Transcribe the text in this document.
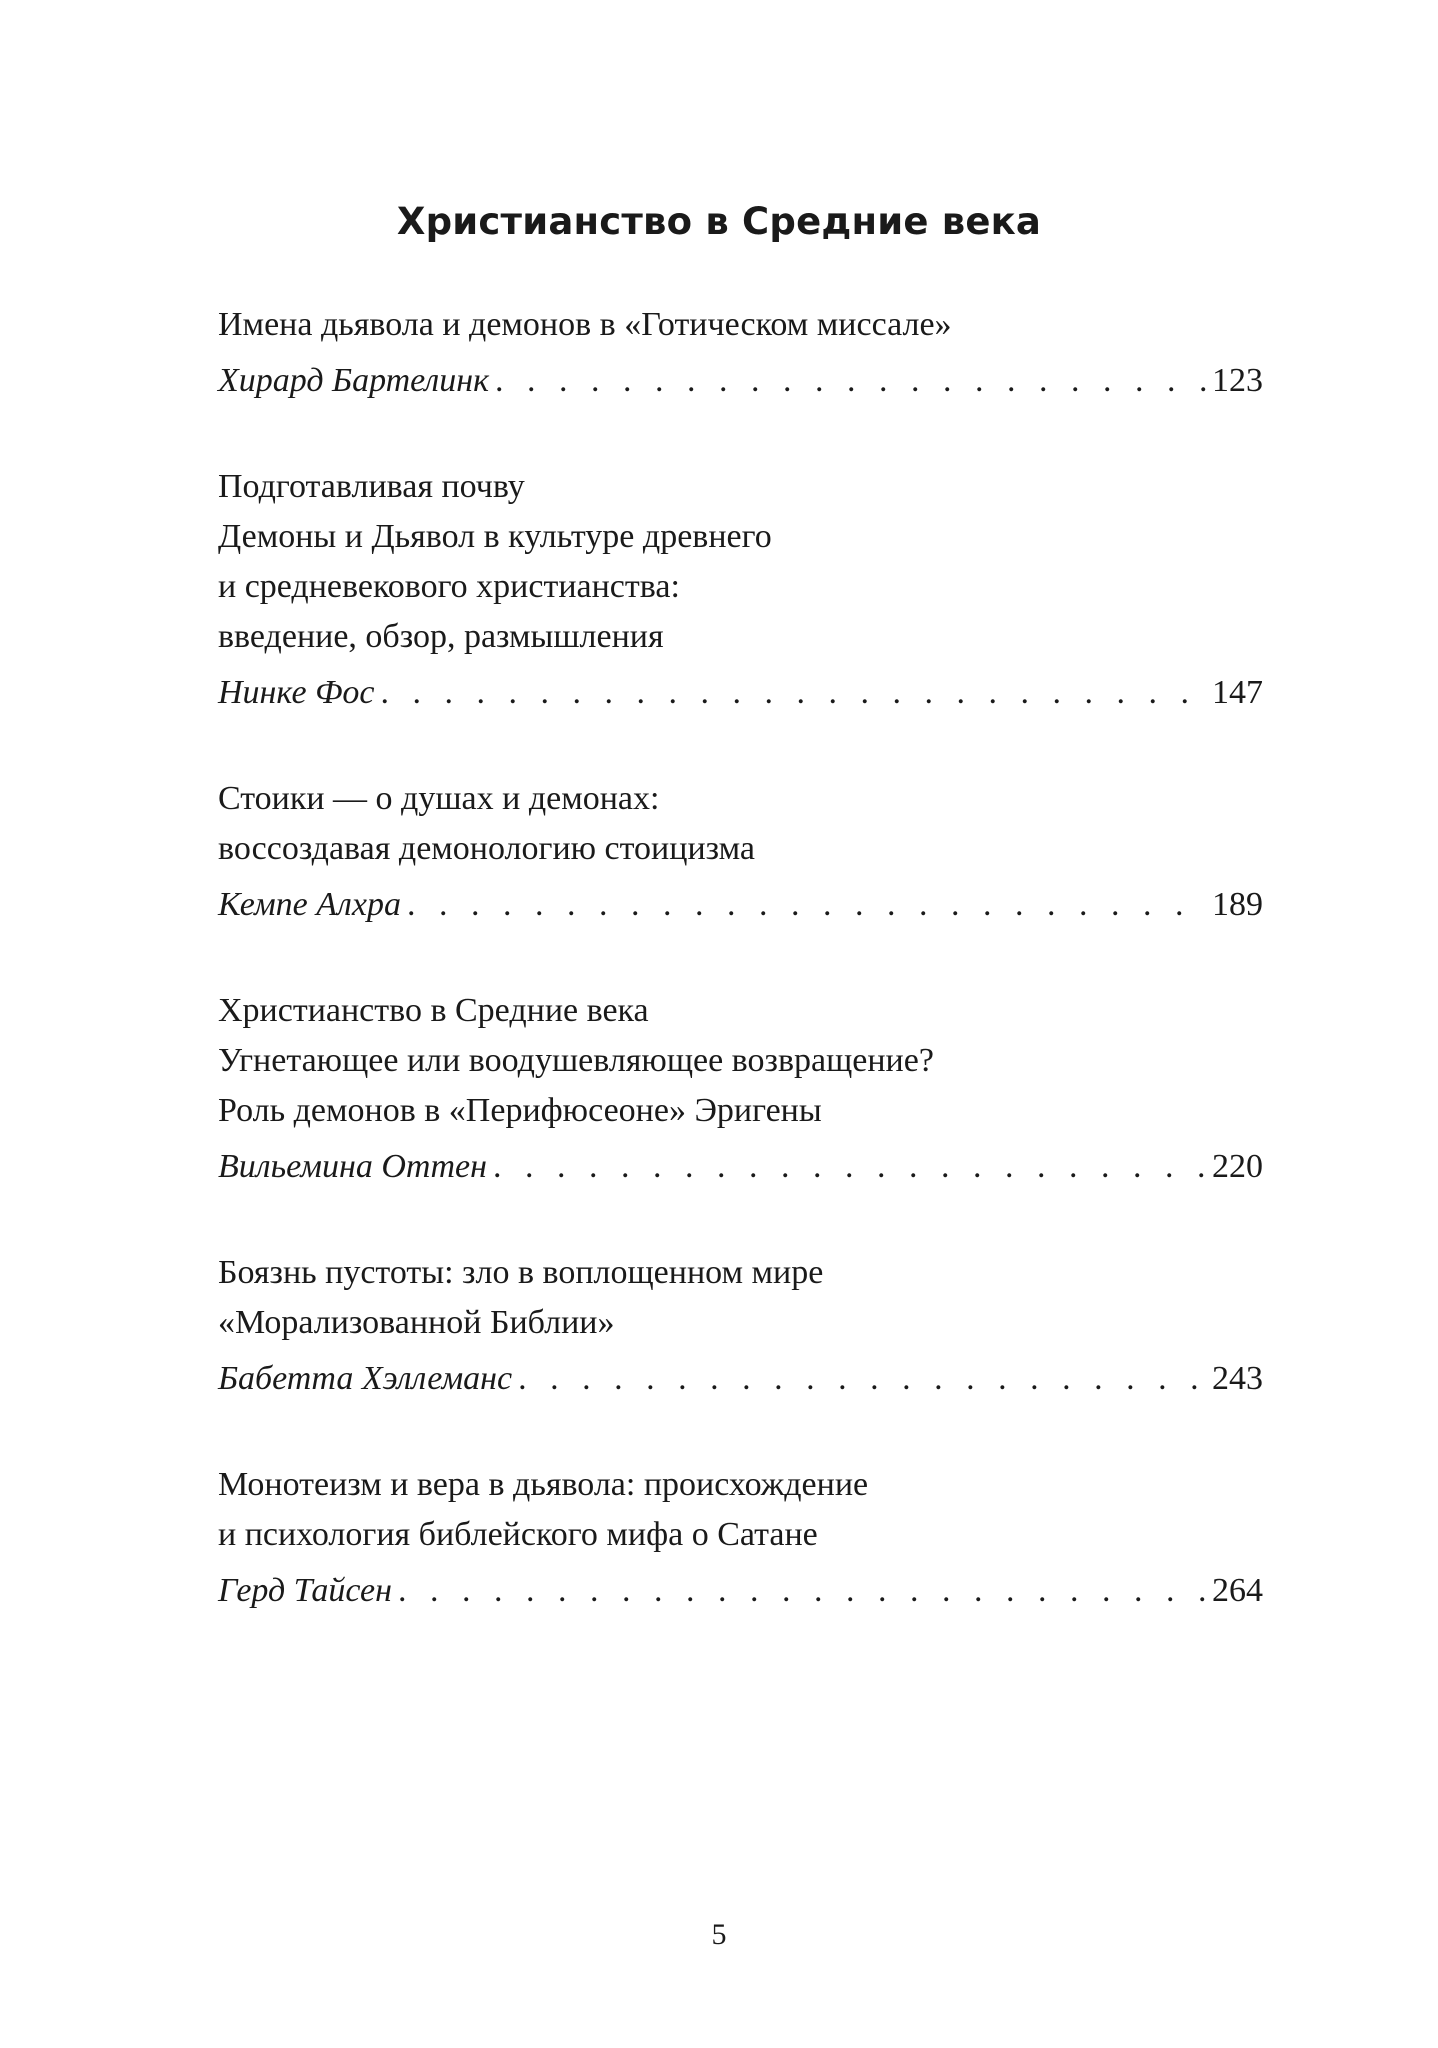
Христианство в Средние века
Имена дьявола и демонов в «Готическом миссале»
Хирард Бартелинк . . .	123
Подготавливая почву
Демоны и Дьявол в культуре древнего
и средневекового христианства:
введение, обзор, размышления
Нинке Фос . . .	147
Стоики — о душах и демонах:
воссоздавая демонологию стоицизма
Кемпе Алхра . . .	189
Христианство в Средние века
Угнетающее или воодушевляющее возвращение?
Роль демонов в «Перифюсеоне» Эригены
Вильемина Оттен . . .	220
Боязнь пустоты: зло в воплощенном мире
«Морализованной Библии»
Бабетта Хэллеманс . . .	243
Монотеизм и вера в дьявола: происхождение
и психология библейского мифа о Сатане
Герд Тайсен . . .	264
5
